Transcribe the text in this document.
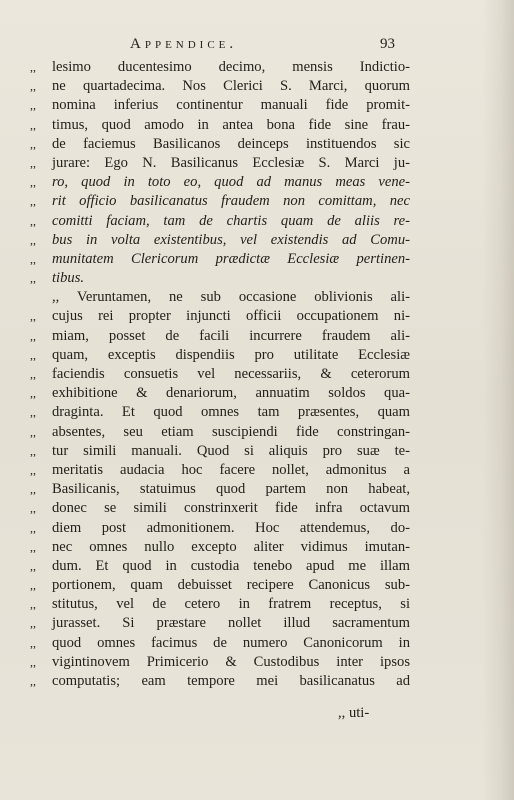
Appendice.	93
,,	lesimo ducentesimo decimo, mensis Indictio-
,,	ne quartadecima. Nos Clerici S. Marci, quorum
,,	nomina inferius continentur manuali fide promit-
,,	timus, quod amodo in antea bona fide sine frau-
,,	de faciemus Basilicanos deinceps instituendos sic
,,	jurare: Ego N. Basilicanus Ecclesiæ S. Marci ju-
,,	ro, quod in toto eo, quod ad manus meas vene-
,,	rit officio basilicanatus fraudem non comittam, nec
,,	comitti faciam, tam de chartis quam de aliis re-
,,	bus in volta existentibus, vel existendis ad Comu-
,,	munitatem Clericorum prædictæ Ecclesiæ pertinen-
,,	tibus.
,, Veruntamen, ne sub occasione oblivionis ali-
,,	cujus rei propter injuncti officii occupationem ni-
,,	miam, posset de facili incurrere fraudem ali-
,,	quam, exceptis dispendiis pro utilitate Ecclesiæ
,,	faciendis consuetis vel necessariis, & ceterorum
,,	exhibitione & denariorum, annuatim soldos qua-
,,	draginta. Et quod omnes tam præsentes, quam
,,	absentes, seu etiam suscipiendi fide constringan-
,,	tur simili manuali. Quod si aliquis pro suæ te-
,,	meritatis audacia hoc facere nollet, admonitus a
,,	Basilicanis, statuimus quod partem non habeat,
,,	donec se simili constrinxerit fide infra octavum
,,	diem post admonitionem. Hoc attendemus, do-
,,	nec omnes nullo excepto aliter vidimus imutan-
,,	dum. Et quod in custodia tenebo apud me illam
,,	portionem, quam debuisset recipere Canonicus sub-
,,	stitutus, vel de cetero in fratrem receptus, si
,,	jurasset. Si præstare nollet illud sacramentum
,,	quod omnes facimus de numero Canonicorum in
,,	vigintinovem Primicerio & Custodibus inter ipsos
,,	computatis; eam tempore mei basilicanatus ad
,, uti-
